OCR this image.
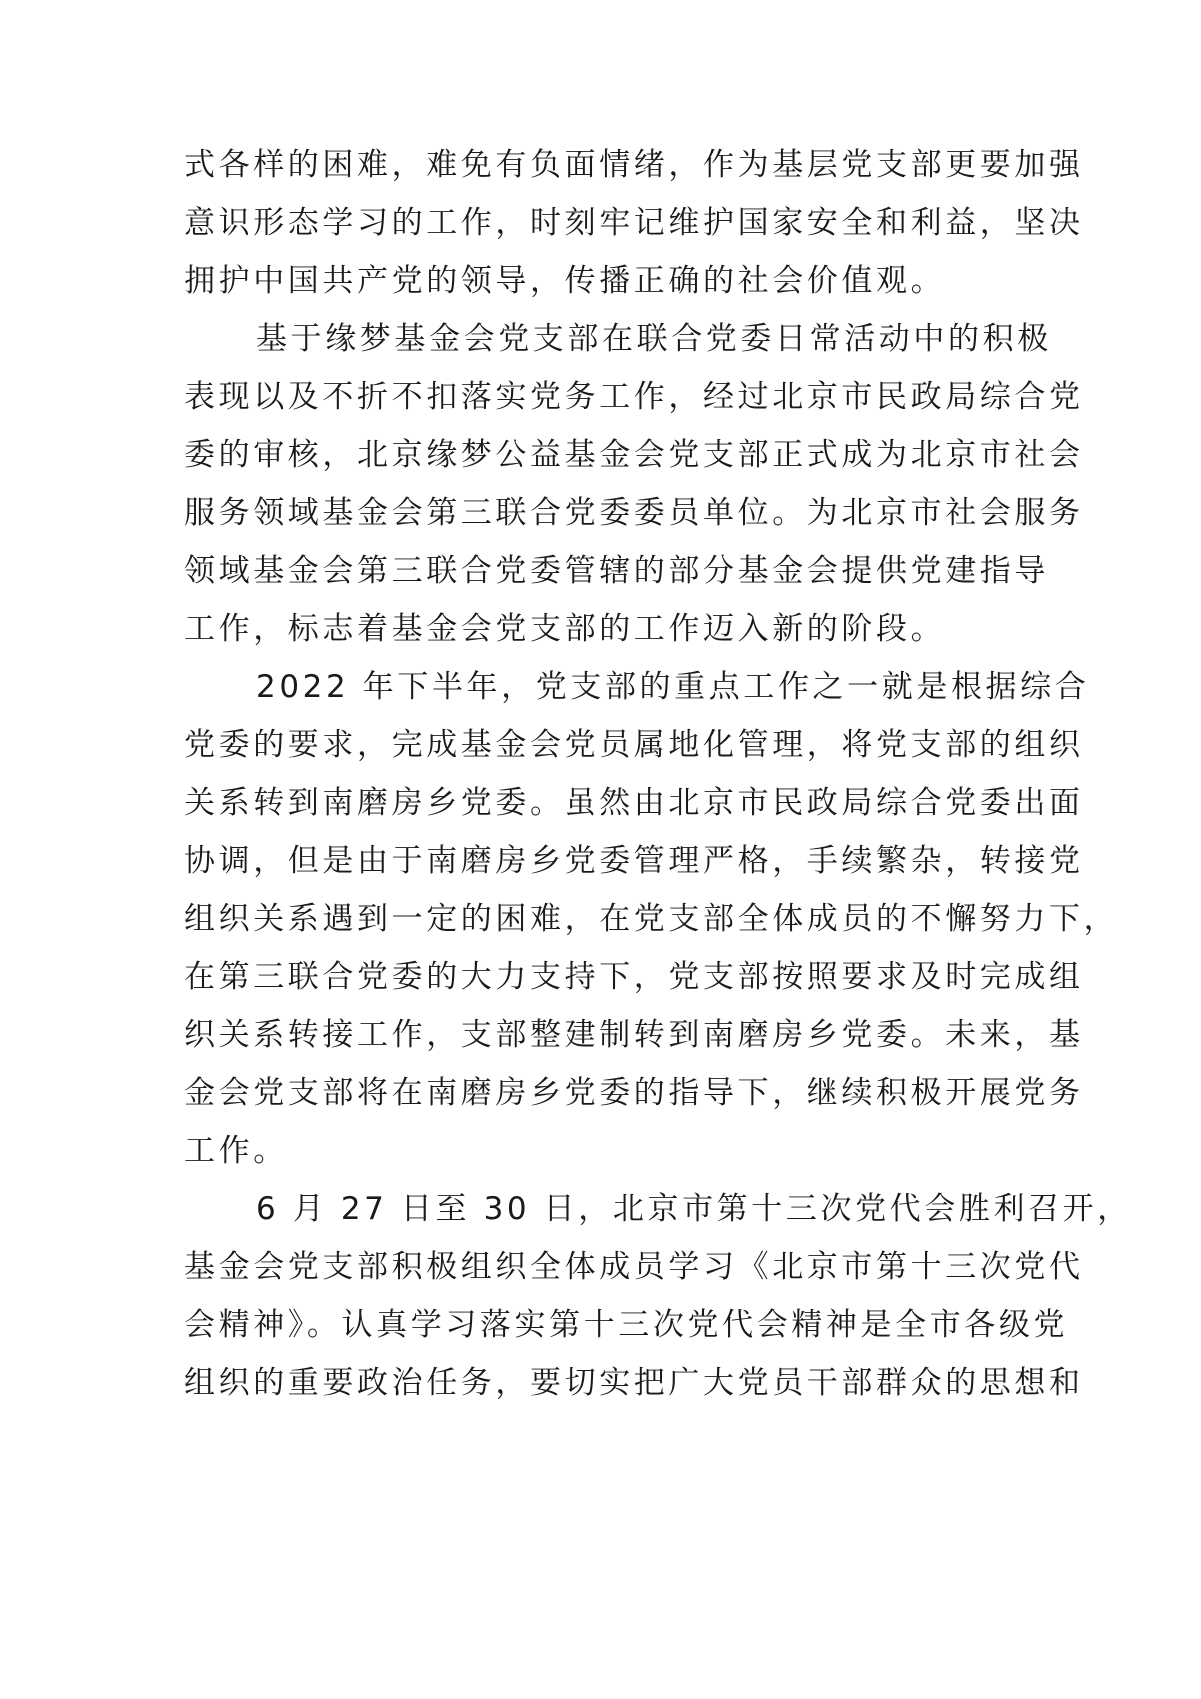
式各样的困难，难免有负面情绪，作为基层党支部更要加强
意识形态学习的工作，时刻牢记维护国家安全和利益，坚决
拥护中国共产党的领导，传播正确的社会价值观。
基于缘梦基金会党支部在联合党委日常活动中的积极
表现以及不折不扣落实党务工作，经过北京市民政局综合党
委的审核，北京缘梦公益基金会党支部正式成为北京市社会
服务领域基金会第三联合党委委员单位。为北京市社会服务
领域基金会第三联合党委管辖的部分基金会提供党建指导
工作，标志着基金会党支部的工作迈入新的阶段。
2022 年下半年，党支部的重点工作之一就是根据综合
党委的要求，完成基金会党员属地化管理，将党支部的组织
关系转到南磨房乡党委。虽然由北京市民政局综合党委出面
协调，但是由于南磨房乡党委管理严格，手续繁杂，转接党
组织关系遇到一定的困难，在党支部全体成员的不懈努力下，
在第三联合党委的大力支持下，党支部按照要求及时完成组
织关系转接工作，支部整建制转到南磨房乡党委。未来，基
金会党支部将在南磨房乡党委的指导下，继续积极开展党务
工作。
6 月 27 日至 30 日，北京市第十三次党代会胜利召开，
基金会党支部积极组织全体成员学习《北京市第十三次党代
会精神》。认真学习落实第十三次党代会精神是全市各级党
组织的重要政治任务，要切实把广大党员干部群众的思想和
